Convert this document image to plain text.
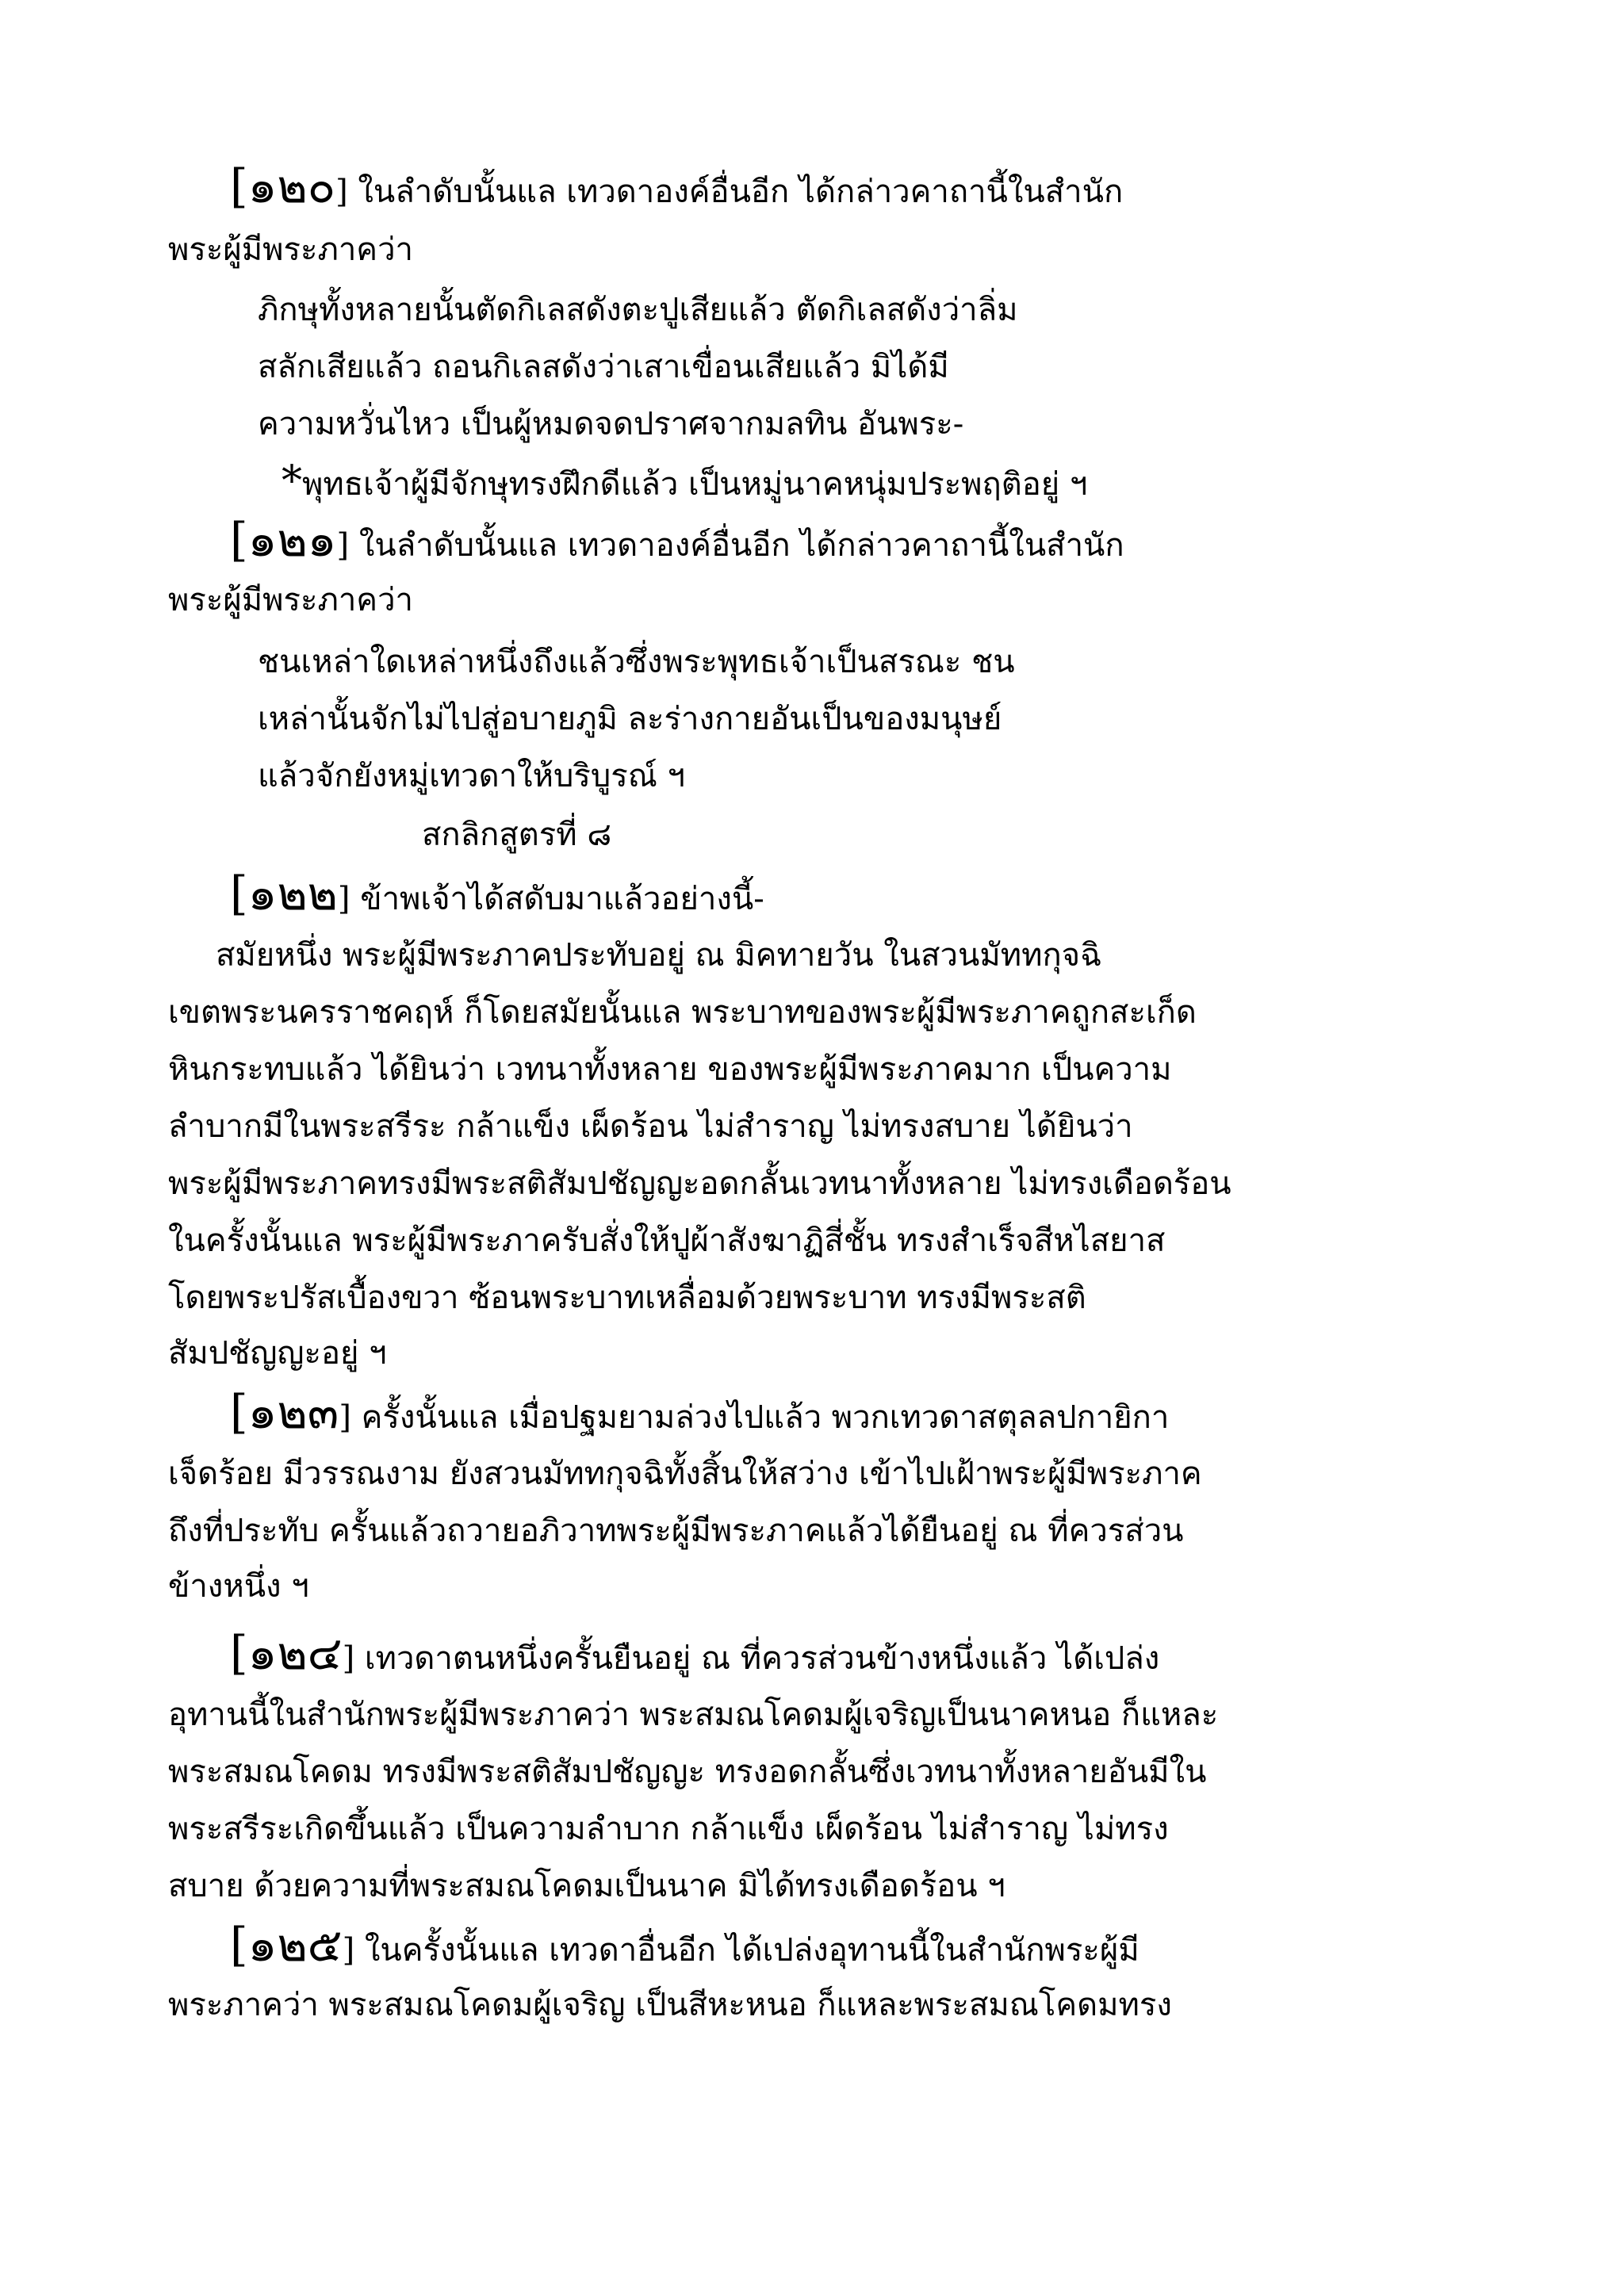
[๑๒๐] ในลำดับนั้นแล เทวดาองค์อื่นอีก ได้กล่าวคาถานี้ในสำนัก
พระผู้มีพระภาคว่า
ภิกษุทั้งหลายนั้นตัดกิเลสดังตะปูเสียแล้ว ตัดกิเลสดังว่าลิ่ม
สลักเสียแล้ว ถอนกิเลสดังว่าเสาเขื่อนเสียแล้ว มิได้มี
ความหวั่นไหว เป็นผู้หมดจดปราศจากมลทิน อันพระ-
*พุทธเจ้าผู้มีจักษุทรงฝึกดีแล้ว เป็นหมู่นาคหนุ่มประพฤติอยู่ ฯ
[๑๒๑] ในลำดับนั้นแล เทวดาองค์อื่นอีก ได้กล่าวคาถานี้ในสำนัก
พระผู้มีพระภาคว่า
ชนเหล่าใดเหล่าหนึ่งถึงแล้วซึ่งพระพุทธเจ้าเป็นสรณะ ชน
เหล่านั้นจักไม่ไปสู่อบายภูมิ ละร่างกายอันเป็นของมนุษย์
แล้วจักยังหมู่เทวดาให้บริบูรณ์ ฯ
สกลิกสูตรที่ ๘
[๑๒๒] ข้าพเจ้าได้สดับมาแล้วอย่างนี้-
สมัยหนึ่ง พระผู้มีพระภาคประทับอยู่ ณ มิคทายวัน ในสวนมัททกุจฉิ
เขตพระนครราชคฤห์ ก็โดยสมัยนั้นแล พระบาทของพระผู้มีพระภาคถูกสะเก็ด
หินกระทบแล้ว ได้ยินว่า เวทนาทั้งหลาย ของพระผู้มีพระภาคมาก เป็นความ
ลำบากมีในพระสรีระ กล้าแข็ง เผ็ดร้อน ไม่สำราญ ไม่ทรงสบาย ได้ยินว่า
พระผู้มีพระภาคทรงมีพระสติสัมปชัญญะอดกลั้นเวทนาทั้งหลาย ไม่ทรงเดือดร้อน
ในครั้งนั้นแล พระผู้มีพระภาครับสั่งให้ปูผ้าสังฆาฏิสี่ชั้น ทรงสำเร็จสีหไสยาส
โดยพระปรัสเบื้องขวา ซ้อนพระบาทเหลื่อมด้วยพระบาท ทรงมีพระสติ
สัมปชัญญะอยู่ ฯ
[๑๒๓] ครั้งนั้นแล เมื่อปฐมยามล่วงไปแล้ว พวกเทวดาสตุลลปกายิกา
เจ็ดร้อย มีวรรณงาม ยังสวนมัททกุจฉิทั้งสิ้นให้สว่าง เข้าไปเฝ้าพระผู้มีพระภาค
ถึงที่ประทับ ครั้นแล้วถวายอภิวาทพระผู้มีพระภาคแล้วได้ยืนอยู่ ณ ที่ควรส่วน
ข้างหนึ่ง ฯ
[๑๒๔] เทวดาตนหนึ่งครั้นยืนอยู่ ณ ที่ควรส่วนข้างหนึ่งแล้ว ได้เปล่ง
อุทานนี้ในสำนักพระผู้มีพระภาคว่า พระสมณโคดมผู้เจริญเป็นนาคหนอ ก็แหละ
พระสมณโคดม ทรงมีพระสติสัมปชัญญะ ทรงอดกลั้นซึ่งเวทนาทั้งหลายอันมีใน
พระสรีระเกิดขึ้นแล้ว เป็นความลำบาก กล้าแข็ง เผ็ดร้อน ไม่สำราญ ไม่ทรง
สบาย ด้วยความที่พระสมณโคดมเป็นนาค มิได้ทรงเดือดร้อน ฯ
[๑๒๕] ในครั้งนั้นแล เทวดาอื่นอีก ได้เปล่งอุทานนี้ในสำนักพระผู้มี
พระภาคว่า พระสมณโคดมผู้เจริญ เป็นสีหะหนอ ก็แหละพระสมณโคดมทรง
